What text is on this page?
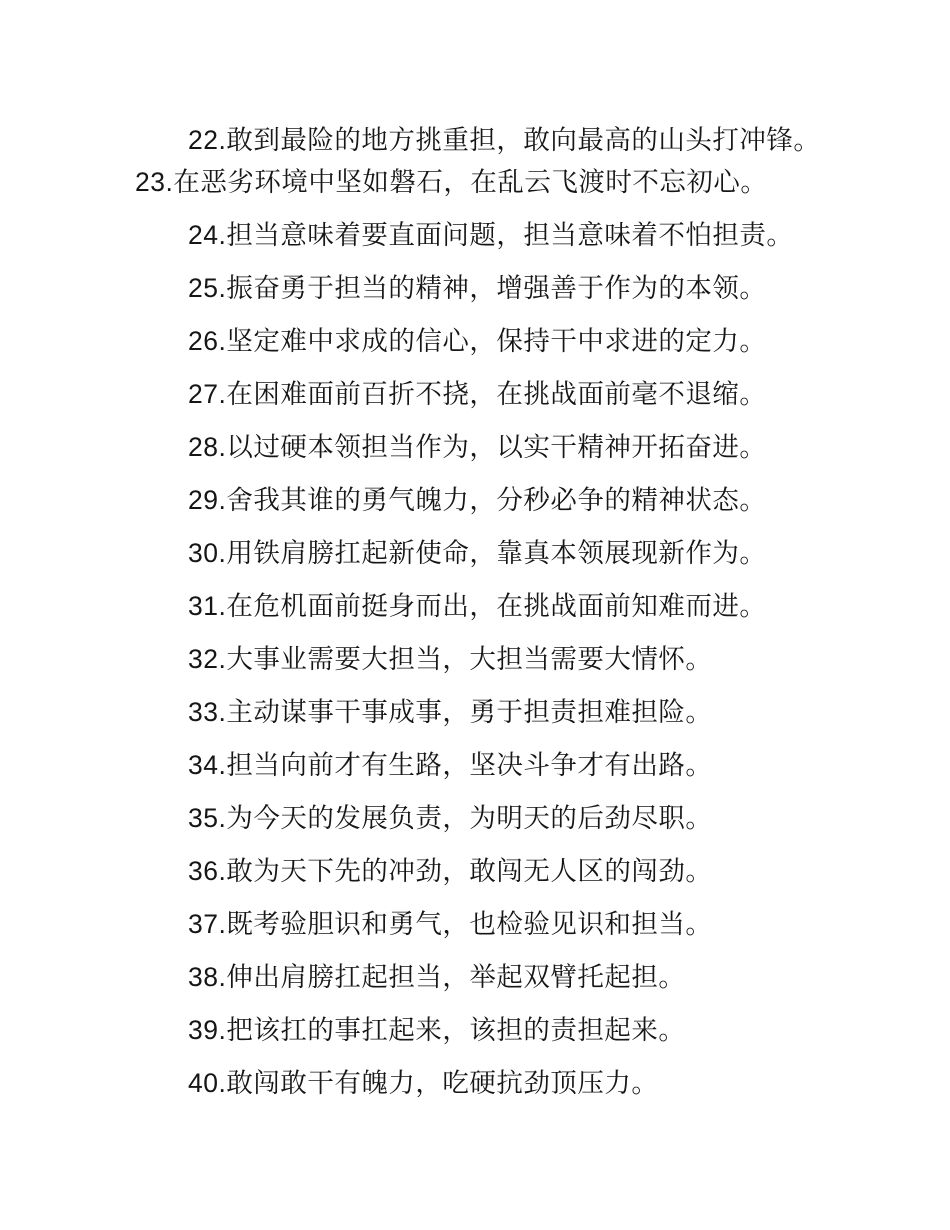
22.敢到最险的地方挑重担，敢向最高的山头打冲锋。

23.在恶劣环境中坚如磐石，在乱云飞渡时不忘初心。

24.担当意味着要直面问题，担当意味着不怕担责。

25.振奋勇于担当的精神，增强善于作为的本领。

26.坚定难中求成的信心，保持干中求进的定力。

27.在困难面前百折不挠，在挑战面前毫不退缩。

28.以过硬本领担当作为，以实干精神开拓奋进。

29.舍我其谁的勇气魄力，分秒必争的精神状态。

30.用铁肩膀扛起新使命，靠真本领展现新作为。

31.在危机面前挺身而出，在挑战面前知难而进。

32.大事业需要大担当，大担当需要大情怀。

33.主动谋事干事成事，勇于担责担难担险。

34.担当向前才有生路，坚决斗争才有出路。

35.为今天的发展负责，为明天的后劲尽职。

36.敢为天下先的冲劲，敢闯无人区的闯劲。

37.既考验胆识和勇气，也检验见识和担当。

38.伸出肩膀扛起担当，举起双臂托起担。

39.把该扛的事扛起来，该担的责担起来。

40.敢闯敢干有魄力，吃硬抗劲顶压力。
